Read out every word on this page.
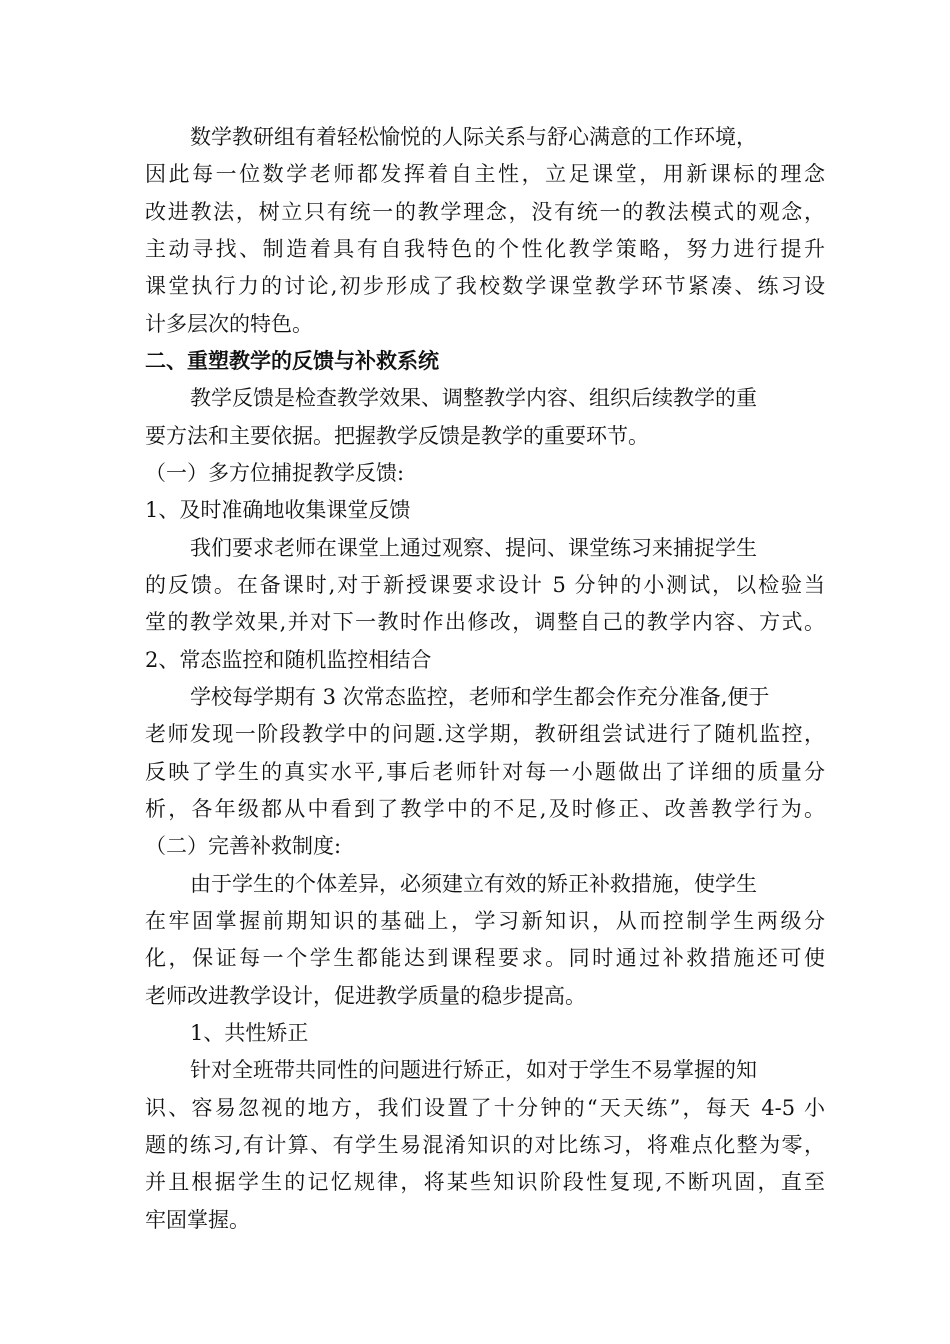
数学教研组有着轻松愉悦的人际关系与舒心满意的工作环境，
因此每一位数学老师都发挥着自主性，立足课堂，用新课标的理念
改进教法，树立只有统一的教学理念，没有统一的教法模式的观念，
主动寻找、制造着具有自我特色的个性化教学策略，努力进行提升
课堂执行力的讨论,初步形成了我校数学课堂教学环节紧凑、练习设
计多层次的特色。
二、重塑教学的反馈与补救系统
教学反馈是检查教学效果、调整教学内容、组织后续教学的重
要方法和主要依据。把握教学反馈是教学的重要环节。
（一）多方位捕捉教学反馈:
1、及时准确地收集课堂反馈
我们要求老师在课堂上通过观察、提问、课堂练习来捕捉学生
的反馈。在备课时,对于新授课要求设计 5 分钟的小测试，以检验当
堂的教学效果,并对下一教时作出修改，调整自己的教学内容、方式。
2、常态监控和随机监控相结合
学校每学期有 3 次常态监控，老师和学生都会作充分准备,便于
老师发现一阶段教学中的问题.这学期，教研组尝试进行了随机监控，
反映了学生的真实水平,事后老师针对每一小题做出了详细的质量分
析，各年级都从中看到了教学中的不足,及时修正、改善教学行为。
（二）完善补救制度:
由于学生的个体差异，必须建立有效的矫正补救措施，使学生
在牢固掌握前期知识的基础上，学习新知识，从而控制学生两级分
化，保证每一个学生都能达到课程要求。同时通过补救措施还可使
老师改进教学设计，促进教学质量的稳步提高。
1、共性矫正
针对全班带共同性的问题进行矫正，如对于学生不易掌握的知
识、容易忽视的地方，我们设置了十分钟的“天天练”，每天 4-5 小
题的练习,有计算、有学生易混淆知识的对比练习，将难点化整为零，
并且根据学生的记忆规律，将某些知识阶段性复现,不断巩固，直至
牢固掌握。
